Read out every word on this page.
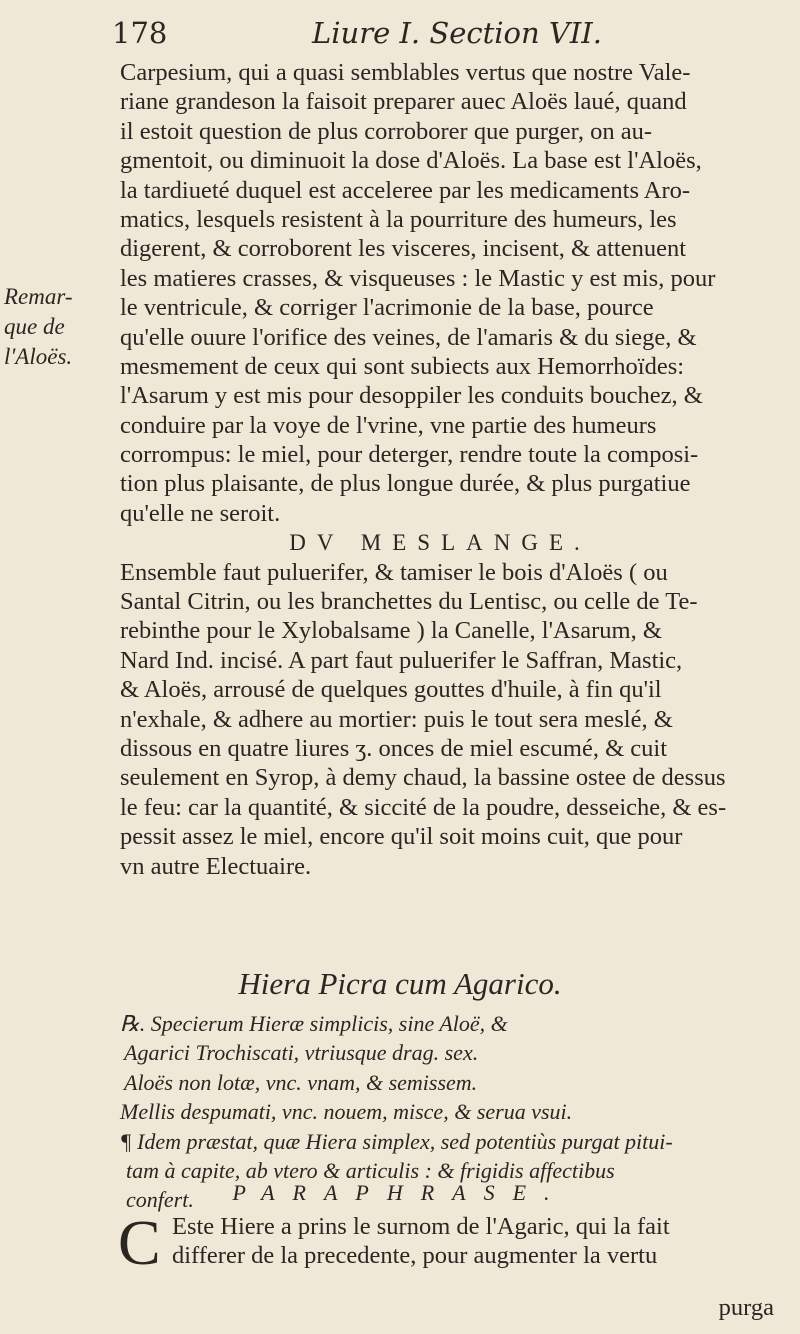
178	Liure I. Section VII.
Remar-
que de
l'Aloës.
Carpesium, qui a quasi semblables vertus que nostre Vale-
riane grandeson la faisoit preparer auec Aloës laué, quand
il estoit question de plus corroborer que purger, on au-
gmentoit, ou diminuoit la dose d'Aloës. La base est l'Aloës,
la tardiueté duquel est acceleree par les medicaments Aro-
matics, lesquels resistent à la pourriture des humeurs, les
digerent, & corroborent les visceres, incisent, & attenuent
les matieres crasses, & visqueuses : le Mastic y est mis, pour
le ventricule, & corriger l'acrimonie de la base, pource
qu'elle ouure l'orifice des veines, de l'amaris & du siege, &
mesmement de ceux qui sont subiects aux Hemorrhoïdes:
l'Asarum y est mis pour desoppiler les conduits bouchez, &
conduire par la voye de l'vrine, vne partie des humeurs
corrompus: le miel, pour deterger, rendre toute la composi-
tion plus plaisante, de plus longue durée, & plus purgatiue
qu'elle ne seroit.
DV MESLANGE.
Ensemble faut puluerifer, & tamiser le bois d'Aloës ( ou
Santal Citrin, ou les branchettes du Lentisc, ou celle de Te-
rebinthe pour le Xylobalsame ) la Canelle, l'Asarum, &
Nard Ind. incisé. A part faut puluerifer le Saffran, Mastic,
& Aloës, arrousé de quelques gouttes d'huile, à fin qu'il
n'exhale, & adhere au mortier: puis le tout sera meslé, &
dissous en quatre liures ʒ. onces de miel escumé, & cuit
seulement en Syrop, à demy chaud, la bassine ostee de dessus
le feu: car la quantité, & siccité de la poudre, desseiche, & es-
pessit assez le miel, encore qu'il soit moins cuit, que pour
vn autre Electuaire.
Hiera Picra cum Agarico.
℞. Specierum Hieræ simplicis, sine Aloë, &
Agarici Trochiscati, vtriusque drag. sex.
Aloës non lotæ, vnc. vnam, & semissem.
Mellis despumati, vnc. nouem, misce, & serua vsui.
¶ Idem præstat, quæ Hiera simplex, sed potentiùs purgat pitui-
tam à capite, ab vtero & articulis : & frigidis affectibus
confert.	PARAPHRASE.
C Este Hiere a prins le surnom de l'Agaric, qui la fait
differer de la precedente, pour augmenter la vertu
purga
